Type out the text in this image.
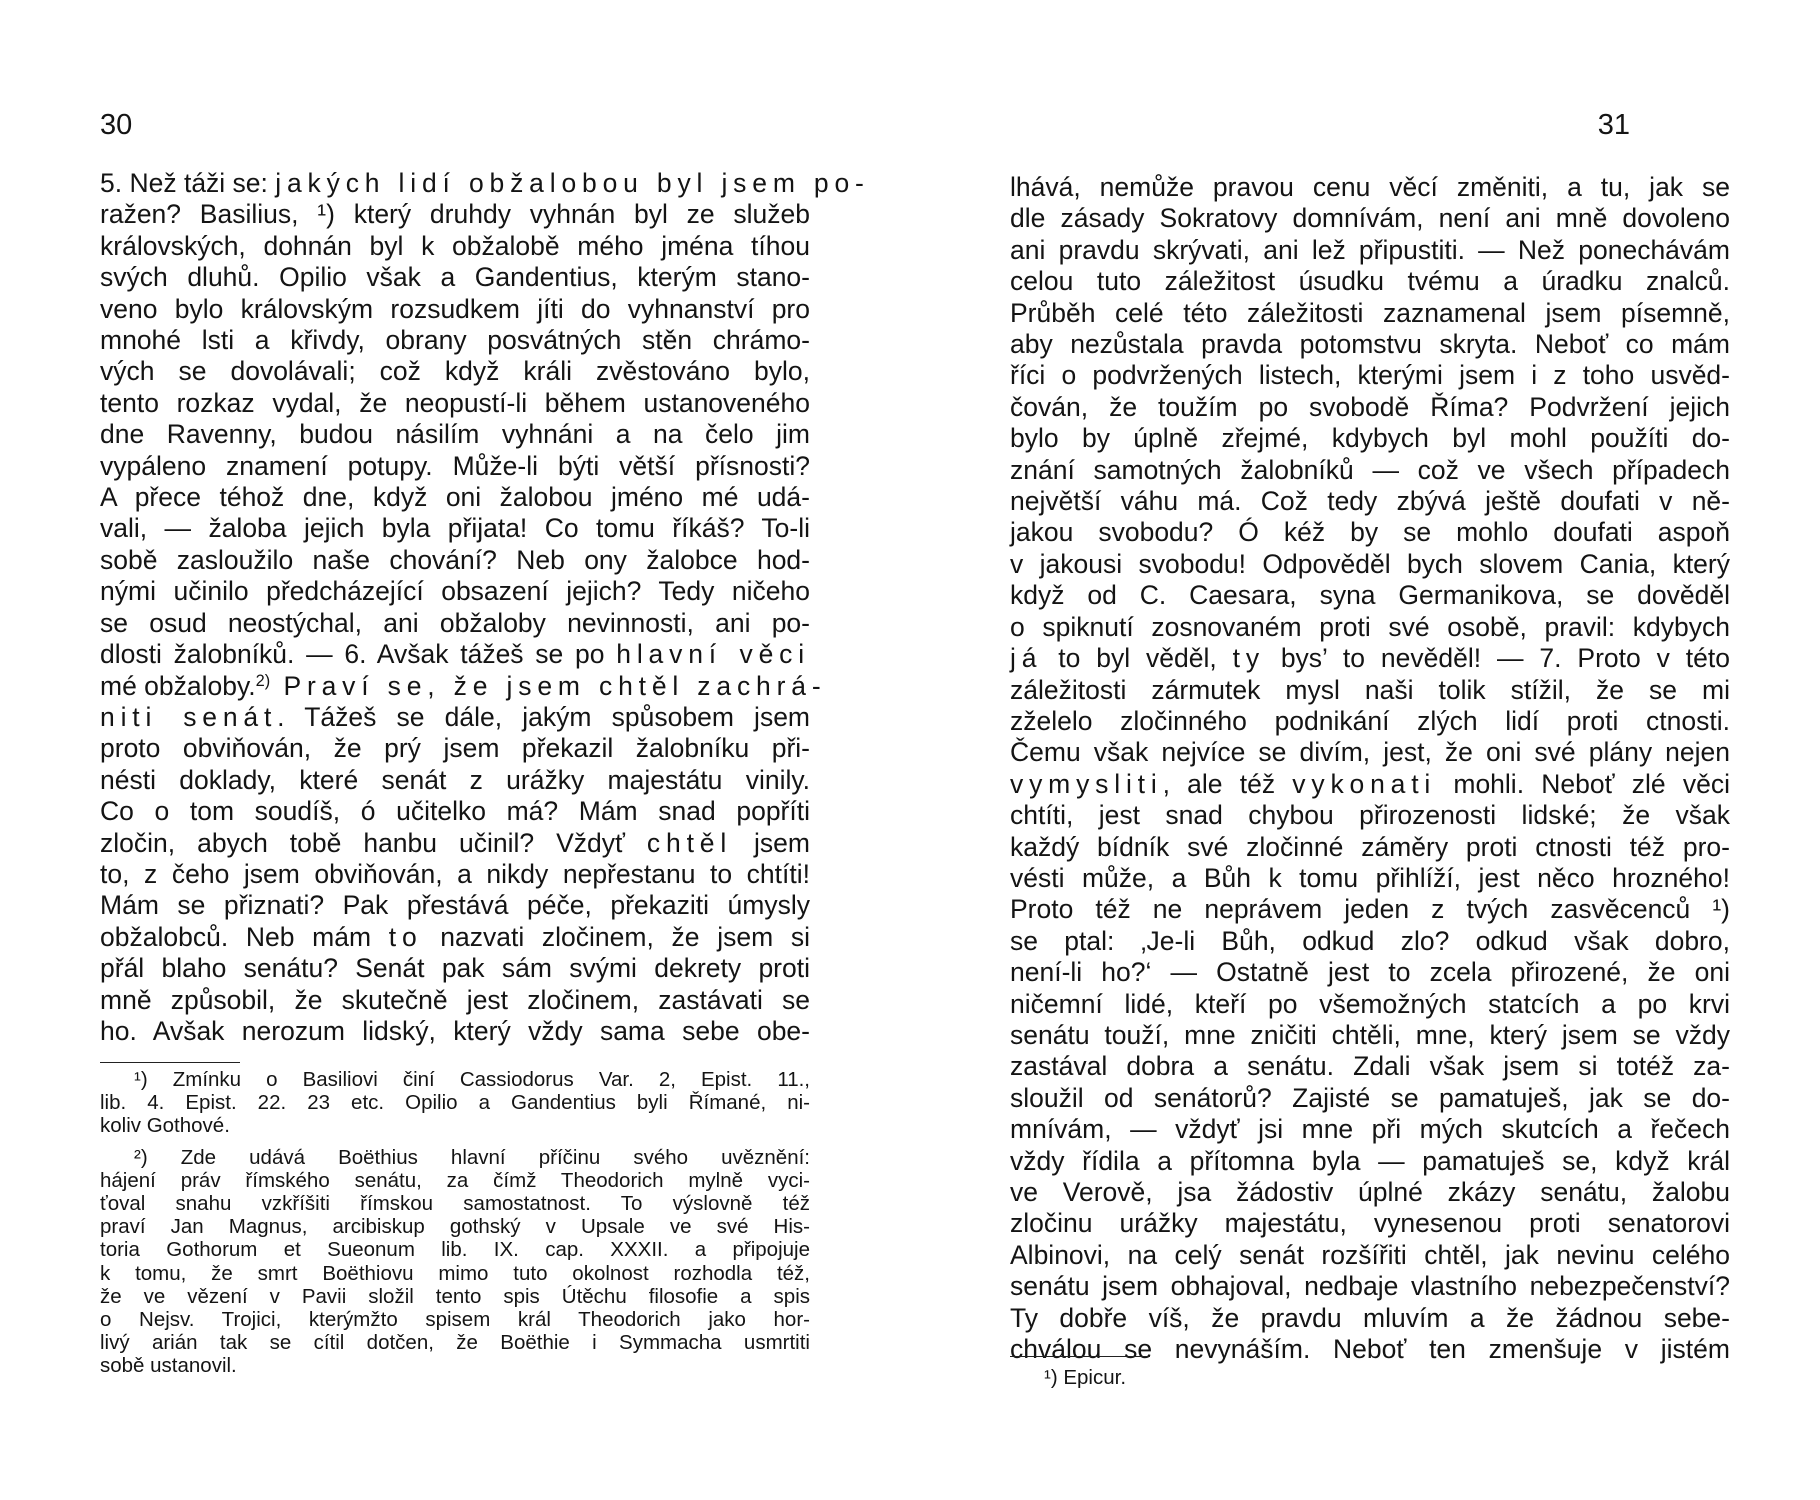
30
5. Než táži se: jakých lidí obžalobou byl jsem po-
ražen? Basilius, ¹) který druhdy vyhnán byl ze služeb
královských, dohnán byl k obžalobě mého jména tíhou
svých dluhů. Opilio však a Gandentius, kterým stano-
veno bylo královským rozsudkem jíti do vyhnanství pro
mnohé lsti a křivdy, obrany posvátných stěn chrámo-
vých se dovolávali; což když králi zvěstováno bylo,
tento rozkaz vydal, že neopustí-li během ustanoveného
dne Ravenny, budou násilím vyhnáni a na čelo jim
vypáleno znamení potupy. Může-li býti větší přísnosti?
A přece téhož dne, když oni žalobou jméno mé udá-
vali, — žaloba jejich byla přijata! Co tomu říkáš? To-li
sobě zasloužilo naše chování? Neb ony žalobce hod-
nými učinilo předcházející obsazení jejich? Tedy ničeho
se osud neostýchal, ani obžaloby nevinnosti, ani po-
dlosti žalobníků. — 6. Avšak tážeš se po hlavní věci
mé obžaloby.$^{2)}$ Praví se, že jsem chtěl zachrá-
niti senát. Tážeš se dále, jakým spůsobem jsem
proto obviňován, že prý jsem překazil žalobníku při-
nésti doklady, které senát z urážky majestátu vinily.
Co o tom soudíš, ó učitelko má? Mám snad popříti
zločin, abych tobě hanbu učinil? Vždyť chtěl jsem
to, z čeho jsem obviňován, a nikdy nepřestanu to chtíti!
Mám se přiznati? Pak přestává péče, překaziti úmysly
obžalobců. Neb mám to nazvati zločinem, že jsem si
přál blaho senátu? Senát pak sám svými dekrety proti
mně způsobil, že skutečně jest zločinem, zastávati se
ho. Avšak nerozum lidský, který vždy sama sebe obe-
¹) Zmínku o Basiliovi činí Cassiodorus Var. 2, Epist. 11.,
lib. 4. Epist. 22. 23 etc. Opilio a Gandentius byli Římané, ni-
koliv Gothové.
²) Zde udává Boëthius hlavní příčinu svého uvěznění:
hájení práv římského senátu, za čímž Theodorich mylně vyci-
ťoval snahu vzkříšiti římskou samostatnost. To výslovně též
praví Jan Magnus, arcibiskup gothský v Upsale ve své His-
toria Gothorum et Sueonum lib. IX. cap. XXXII. a připojuje
k tomu, že smrt Boëthiovu mimo tuto okolnost rozhodla též,
že ve vězení v Pavii složil tento spis Útěchu filosofie a spis
o Nejsv. Trojici, kterýmžto spisem král Theodorich jako hor-
livý arián tak se cítil dotčen, že Boëthie i Symmacha usmrtiti
sobě ustanovil.
31
lhává, nemůže pravou cenu věcí změniti, a tu, jak se
dle zásady Sokratovy domnívám, není ani mně dovoleno
ani pravdu skrývati, ani lež připustiti. — Než ponechávám
celou tuto záležitost úsudku tvému a úradku znalců.
Průběh celé této záležitosti zaznamenal jsem písemně,
aby nezůstala pravda potomstvu skryta. Neboť co mám
říci o podvržených listech, kterými jsem i z toho usvěd-
čován, že toužím po svobodě Říma? Podvržení jejich
bylo by úplně zřejmé, kdybych byl mohl použíti do-
znání samotných žalobníků — což ve všech případech
největší váhu má. Což tedy zbývá ještě doufati v ně-
jakou svobodu? Ó kéž by se mohlo doufati aspoň
v jakousi svobodu! Odpověděl bych slovem Cania, který
když od C. Caesara, syna Germanikova, se dověděl
o spiknutí zosnovaném proti své osobě, pravil: kdybych
já to byl věděl, ty bys’ to nevěděl! — 7. Proto v této
záležitosti zármutek mysl naši tolik stížil, že se mi
zželelo zločinného podnikání zlých lidí proti ctnosti.
Čemu však nejvíce se divím, jest, že oni své plány nejen
vymysliti, ale též vykonati mohli. Neboť zlé věci
chtíti, jest snad chybou přirozenosti lidské; že však
každý bídník své zločinné záměry proti ctnosti též pro-
vésti může, a Bůh k tomu přihlíží, jest něco hrozného!
Proto též ne neprávem jeden z tvých zasvěcenců ¹)
se ptal: ‚Je-li Bůh, odkud zlo? odkud však dobro,
není-li ho?‘ — Ostatně jest to zcela přirozené, že oni
ničemní lidé, kteří po všemožných statcích a po krvi
senátu touží, mne zničiti chtěli, mne, který jsem se vždy
zastával dobra a senátu. Zdali však jsem si totéž za-
sloužil od senátorů? Zajisté se pamatuješ, jak se do-
mnívám, — vždyť jsi mne při mých skutcích a řečech
vždy řídila a přítomna byla — pamatuješ se, když král
ve Verově, jsa žádostiv úplné zkázy senátu, žalobu
zločinu urážky majestátu, vynesenou proti senatorovi
Albinovi, na celý senát rozšířiti chtěl, jak nevinu celého
senátu jsem obhajoval, nedbaje vlastního nebezpečenství?
Ty dobře víš, že pravdu mluvím a že žádnou sebe-
chválou se nevynáším. Neboť ten zmenšuje v jistém
¹) Epicur.
